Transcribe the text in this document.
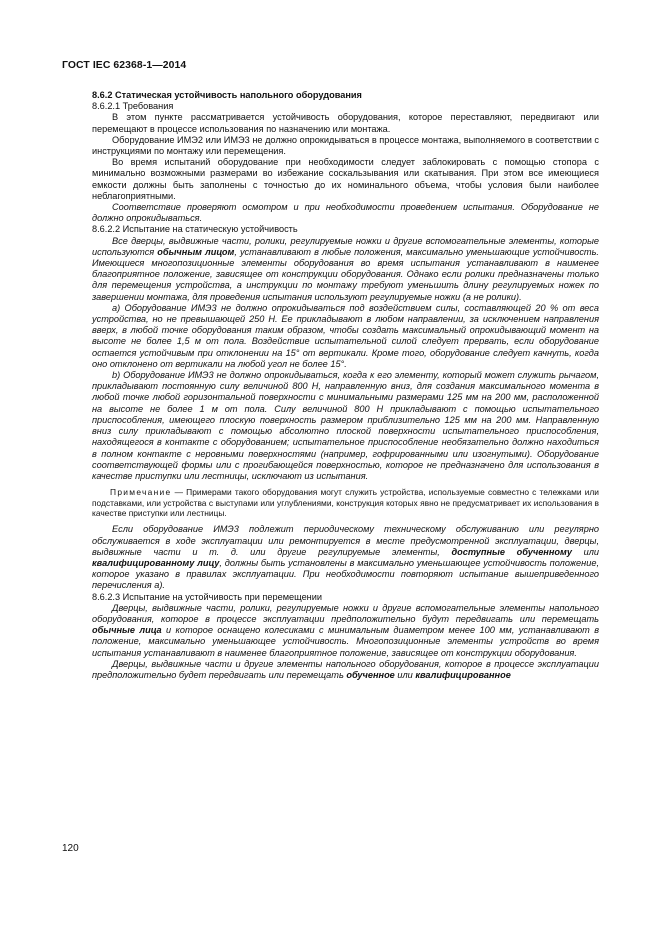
ГОСТ IEC 62368-1—2014

8.6.2 Статическая устойчивость напольного оборудования

8.6.2.1 Требования

В этом пункте рассматривается устойчивость оборудования, которое переставляют, передвигают или перемещают в процессе использования по назначению или монтажа.

Оборудование ИМЭ2 или ИМЭ3 не должно опрокидываться в процессе монтажа, выполняемого в соответствии с инструкциями по монтажу или перемещения.

Во время испытаний оборудование при необходимости следует заблокировать с помощью стопора с минимально возможными размерами во избежание соскальзывания или скатывания. При этом все имеющиеся емкости должны быть заполнены с точностью до их номинального объема, чтобы условия были наиболее неблагоприятными.

Соответствие проверяют осмотром и при необходимости проведением испытания. Оборудование не должно опрокидываться.

8.6.2.2 Испытание на статическую устойчивость

Все дверцы, выдвижные части, ролики, регулируемые ножки и другие вспомогательные элементы, которые используются обычным лицом, устанавливают в любые положения, максимально уменьшающие устойчивость. Имеющиеся многопозиционные элементы оборудования во время испытания устанавливают в наименее благоприятное положение, зависящее от конструкции оборудования. Однако если ролики предназначены только для перемещения устройства, а инструкции по монтажу требуют уменьшить длину регулируемых ножек по завершении монтажа, для проведения испытания используют регулируемые ножки (а не ролики).

a) Оборудование ИМЭ3 не должно опрокидываться под воздействием силы, составляющей 20 % от веса устройства, но не превышающей 250 Н. Ее прикладывают в любом направлении, за исключением направления вверх, в любой точке оборудования таким образом, чтобы создать максимальный опрокидывающий момент на высоте не более 1,5 м от пола. Воздействие испытательной силой следует прервать, если оборудование остается устойчивым при отклонении на 15° от вертикали. Кроме того, оборудование следует качнуть, когда оно отклонено от вертикали на любой угол не более 15°.

b) Оборудование ИМЭ3 не должно опрокидываться, когда к его элементу, который может служить рычагом, прикладывают постоянную силу величиной 800 Н, направленную вниз, для создания максимального момента в любой точке любой горизонтальной поверхности с минимальными размерами 125 мм на 200 мм, расположенной на высоте не более 1 м от пола. Силу величиной 800 Н прикладывают с помощью испытательного приспособления, имеющего плоскую поверхность размером приблизительно 125 мм на 200 мм. Направленную вниз силу прикладывают с помощью абсолютно плоской поверхности испытательного приспособления, находящегося в контакте с оборудованием; испытательное приспособление необязательно должно находиться в полном контакте с неровными поверхностями (например, гофрированными или изогнутыми). Оборудование соответствующей формы или с прогибающейся поверхностью, которое не предназначено для использования в качестве приступки или лестницы, исключают из испытания.

Примечание — Примерами такого оборудования могут служить устройства, используемые совместно с тележками или подставками, или устройства с выступами или углублениями, конструкция которых явно не предусматривает их использования в качестве приступки или лестницы.

Если оборудование ИМЭ3 подлежит периодическому техническому обслуживанию или регулярно обслуживается в ходе эксплуатации или ремонтируется в месте предусмотренной эксплуатации, дверцы, выдвижные части и т. д. или другие регулируемые элементы, доступные обученному или квалифицированному лицу, должны быть установлены в максимально уменьшающее устойчивость положение, которое указано в правилах эксплуатации. При необходимости повторяют испытание вышеприведенного перечисления а).

8.6.2.3 Испытание на устойчивость при перемещении

Дверцы, выдвижные части, ролики, регулируемые ножки и другие вспомогательные элементы напольного оборудования, которое в процессе эксплуатации предположительно будут передвигать или перемещать обычные лица и которое оснащено колесиками с минимальным диаметром менее 100 мм, устанавливают в положение, максимально уменьшающее устойчивость. Многопозиционные элементы устройств во время испытания устанавливают в наименее благоприятное положение, зависящее от конструкции оборудования.

Дверцы, выдвижные части и другие элементы напольного оборудования, которое в процессе эксплуатации предположительно будет передвигать или перемещать обученное или квалифицированное

120
